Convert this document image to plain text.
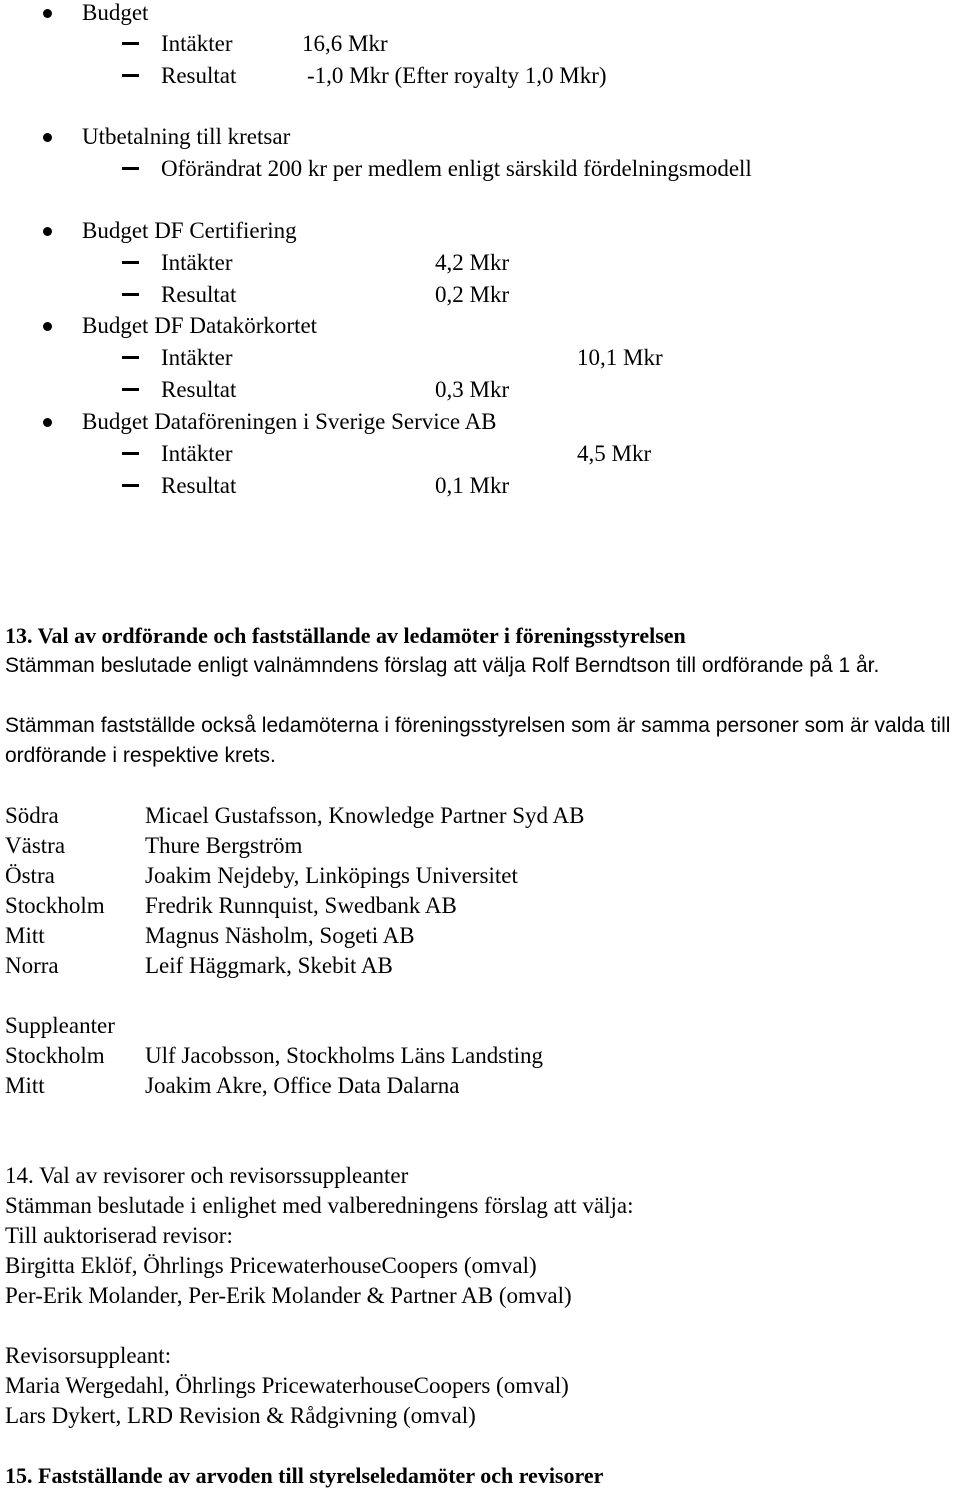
Budget
Intäkter	16,6 Mkr
Resultat	-1,0 Mkr (Efter royalty 1,0 Mkr)
Utbetalning till kretsar
Oförändrat 200 kr per medlem enligt särskild fördelningsmodell
Budget DF Certifiering
Intäkter	4,2 Mkr
Resultat	0,2 Mkr
Budget DF Datakörkortet
Intäkter	10,1 Mkr
Resultat	0,3 Mkr
Budget Dataföreningen i Sverige Service AB
Intäkter	4,5 Mkr
Resultat	0,1 Mkr
13. Val av ordförande och fastställande av ledamöter i föreningsstyrelsen
Stämman beslutade enligt valnämndens förslag att välja Rolf Berndtson till ordförande på 1 år.
Stämman fastställde också ledamöterna i föreningsstyrelsen som är samma personer som är valda till ordförande i respektive krets.
Södra	Micael Gustafsson, Knowledge Partner Syd AB
Västra	Thure Bergström
Östra	Joakim Nejdeby, Linköpings Universitet
Stockholm Fredrik Runnquist, Swedbank AB
Mitt	Magnus Näsholm, Sogeti AB
Norra	Leif Häggmark, Skebit AB
Suppleanter
Stockholm Ulf Jacobsson, Stockholms Läns Landsting
Mitt	Joakim Akre, Office Data Dalarna
14. Val av revisorer och revisorssuppleanter
Stämman beslutade i enlighet med valberedningens förslag att välja:
Till auktoriserad revisor:
Birgitta Eklöf, Öhrlings PricewaterhouseCoopers (omval)
Per-Erik Molander, Per-Erik Molander & Partner AB (omval)
Revisorsuppleant:
Maria Wergedahl, Öhrlings PricewaterhouseCoopers (omval)
Lars Dykert, LRD Revision & Rådgivning (omval)
15. Fastställande av arvoden till styrelseledamöter och revisorer
